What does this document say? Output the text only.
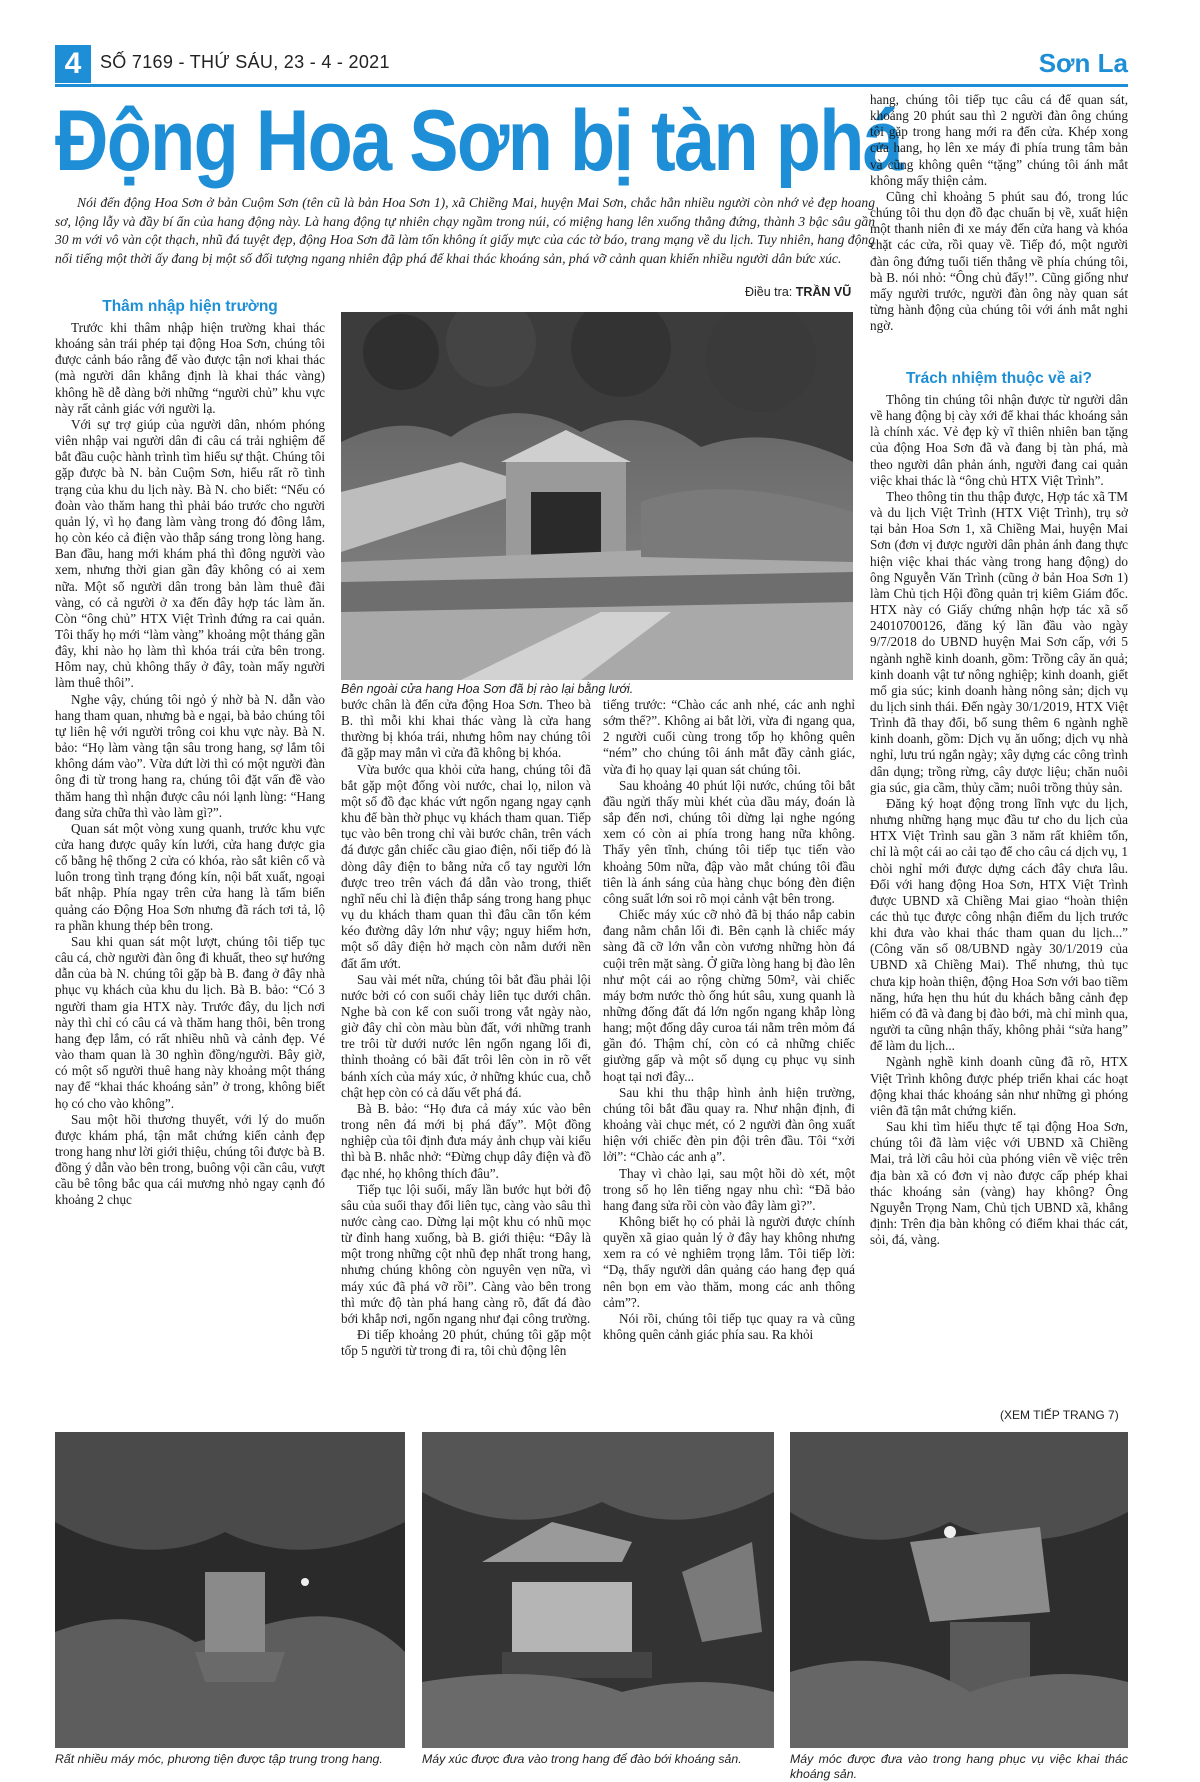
4	SỐ 7169 - THỨ SÁU, 23 - 4 - 2021	Sơn La
Động Hoa Sơn bị tàn phá
Nói đến động Hoa Sơn ở bản Cuộm Sơn (tên cũ là bản Hoa Sơn 1), xã Chiềng Mai, huyện Mai Sơn, chắc hẳn nhiều người còn nhớ vẻ đẹp hoang sơ, lộng lẫy và đầy bí ẩn của hang động này. Là hang động tự nhiên chạy ngầm trong núi, có miệng hang lên xuống thẳng đứng, thành 3 bậc sâu gần 30 m với vô vàn cột thạch, nhũ đá tuyệt đẹp, động Hoa Sơn đã làm tốn không ít giấy mực của các tờ báo, trang mạng về du lịch. Tuy nhiên, hang động nổi tiếng một thời ấy đang bị một số đối tượng ngang nhiên đập phá để khai thác khoáng sản, phá vỡ cảnh quan khiến nhiều người dân bức xúc.
Điều tra: TRẦN VŨ
Thâm nhập hiện trường
Trách nhiệm thuộc về ai?

Trước khi thâm nhập hiện trường khai thác khoáng sản trái phép tại động Hoa Sơn, chúng tôi được cảnh báo rằng để vào được tận nơi khai thác (mà người dân khẳng định là khai thác vàng) không hề dễ dàng bởi những “người chủ” khu vực này rất cảnh giác với người lạ.

Với sự trợ giúp của người dân, nhóm phóng viên nhập vai người dân đi câu cá trải nghiệm để bắt đầu cuộc hành trình tìm hiểu sự thật. Chúng tôi gặp được bà N. bản Cuộm Sơn, hiểu rất rõ tình trạng của khu du lịch này. Bà N. cho biết: “Nếu có đoàn vào thăm hang thì phải báo trước cho người quản lý, vì họ đang làm vàng trong đó đông lắm, họ còn kéo cả điện vào thắp sáng trong lòng hang. Ban đầu, hang mới khám phá thì đông người vào xem, nhưng thời gian gần đây không có ai xem nữa. Một số người dân trong bản làm thuê đãi vàng, có cả người ở xa đến đây hợp tác làm ăn. Còn “ông chủ” HTX Việt Trình đứng ra cai quản. Tôi thấy họ mới “làm vàng” khoảng một tháng gần đây, khi nào họ làm thì khóa trái cửa bên trong. Hôm nay, chủ không thấy ở đây, toàn mấy người làm thuê thôi”.

Nghe vậy, chúng tôi ngỏ ý nhờ bà N. dẫn vào hang tham quan, nhưng bà e ngại, bà bảo chúng tôi tự liên hệ với người trông coi khu vực này. Bà N. bảo: “Họ làm vàng tận sâu trong hang, sợ lắm tôi không dám vào”. Vừa dứt lời thì có một người đàn ông đi từ trong hang ra, chúng tôi đặt vấn đề vào thăm hang thì nhận được câu nói lạnh lùng: “Hang đang sửa chữa thì vào làm gì?”.

Quan sát một vòng xung quanh, trước khu vực cửa hang được quây kín lưới, cửa hang được gia cố bằng hệ thống 2 cửa có khóa, rào sắt kiên cố và luôn trong tình trạng đóng kín, nội bất xuất, ngoại bất nhập. Phía ngay trên cửa hang là tấm biển quảng cáo Động Hoa Sơn nhưng đã rách tơi tả, lộ ra phần khung thép bên trong.

Sau khi quan sát một lượt, chúng tôi tiếp tục câu cá, chờ người đàn ông đi khuất, theo sự hướng dẫn của bà N. chúng tôi gặp bà B. đang ở đây nhà phục vụ khách của khu du lịch. Bà B. bảo: “Có 3 người tham gia HTX này. Trước đây, du lịch nơi này thì chỉ có câu cá và thăm hang thôi, bên trong hang đẹp lắm, có rất nhiều nhũ và cảnh đẹp. Vé vào tham quan là 30 nghìn đồng/người. Bây giờ, có một số người thuê hang này khoảng một tháng nay để “khai thác khoáng sản” ở trong, không biết họ có cho vào không”.

Sau một hồi thương thuyết, với lý do muốn được khám phá, tận mắt chứng kiến cảnh đẹp trong hang như lời giới thiệu, chúng tôi được bà B. đồng ý dẫn vào bên trong, buông vội cần câu, vượt cầu bê tông bắc qua cái mương nhỏ ngay cạnh đó khoảng 2 chục

Bên ngoài cửa hang Hoa Sơn đã bị rào lại bằng lưới.

bước chân là đến cửa động Hoa Sơn. Theo bà B. thì mỗi khi khai thác vàng là cửa hang thường bị khóa trái, nhưng hôm nay chúng tôi đã gặp may mắn vì cửa đã không bị khóa.

Vừa bước qua khỏi cửa hang, chúng tôi đã bắt gặp một đống vòi nước, chai lọ, nilon và một số đồ đạc khác vứt ngổn ngang ngay cạnh khu để bàn thờ phục vụ khách tham quan. Tiếp tục vào bên trong chỉ vài bước chân, trên vách đá được gắn chiếc cầu giao điện, nối tiếp đó là dòng dây điện to bằng nửa cổ tay người lớn được treo trên vách đá dẫn vào trong, thiết nghĩ nếu chỉ là điện thắp sáng trong hang phục vụ du khách tham quan thì đâu cần tốn kém kéo đường dây lớn như vậy; nguy hiểm hơn, một số dây điện hở mạch còn nằm dưới nền đất ẩm ướt.

Sau vài mét nữa, chúng tôi bắt đầu phải lội nước bởi có con suối chảy liên tục dưới chân. Nghe bà con kể con suối trong vắt ngày nào, giờ đây chỉ còn màu bùn đất, với những tranh tre trôi từ dưới nước lên ngổn ngang lối đi, thỉnh thoảng có bãi đất trôi lên còn in rõ vết bánh xích của máy xúc, ở những khúc cua, chỗ chật hẹp còn có cả dấu vết phá đá.

Bà B. bảo: “Họ đưa cả máy xúc vào bên trong nên đá mới bị phá đấy”. Một đồng nghiệp của tôi định đưa máy ảnh chụp vài kiểu thì bà B. nhắc nhở: “Đừng chụp dây điện và đồ đạc nhé, họ không thích đâu”.

Tiếp tục lội suối, mấy lần bước hụt bởi độ sâu của suối thay đổi liên tục, càng vào sâu thì nước càng cao. Dừng lại một khu có nhũ mọc từ đỉnh hang xuống, bà B. giới thiệu: “Đây là một trong những cột nhũ đẹp nhất trong hang, nhưng chúng không còn nguyên vẹn nữa, vì máy xúc đã phá vỡ rồi”. Càng vào bên trong thì mức độ tàn phá hang càng rõ, đất đá đào bới khắp nơi, ngổn ngang như đại công trường.

Đi tiếp khoảng 20 phút, chúng tôi gặp một tốp 5 người từ trong đi ra, tôi chủ động lên

tiếng trước: “Chào các anh nhé, các anh nghỉ sớm thế?”. Không ai bắt lời, vừa đi ngang qua, 2 người cuối cùng trong tốp họ không quên “ném” cho chúng tôi ánh mắt đầy cảnh giác, vừa đi họ quay lại quan sát chúng tôi.

Sau khoảng 40 phút lội nước, chúng tôi bắt đầu ngửi thấy mùi khét của dầu máy, đoán là sắp đến nơi, chúng tôi dừng lại nghe ngóng xem có còn ai phía trong hang nữa không. Thấy yên tĩnh, chúng tôi tiếp tục tiến vào khoảng 50m nữa, đập vào mắt chúng tôi đầu tiên là ánh sáng của hàng chục bóng đèn điện công suất lớn soi rõ mọi cảnh vật bên trong.

Chiếc máy xúc cỡ nhỏ đã bị tháo nắp cabin đang nằm chắn lối đi. Bên cạnh là chiếc máy sàng đã cỡ lớn vẫn còn vương những hòn đá cuội trên mặt sàng. Ở giữa lòng hang bị đào lên như một cái ao rộng chừng 50m², vài chiếc máy bơm nước thò ống hút sâu, xung quanh là những đống đất đá lớn ngổn ngang khắp lòng hang; một đống dây curoa tái nằm trên mỏm đá gần đó. Thậm chí, còn có cả những chiếc giường gấp và một số dụng cụ phục vụ sinh hoạt tại nơi đây...

Sau khi thu thập hình ảnh hiện trường, chúng tôi bắt đầu quay ra. Như nhận định, đi khoảng vài chục mét, có 2 người đàn ông xuất hiện với chiếc đèn pin đội trên đầu. Tôi “xởi lởi”: “Chào các anh ạ”.

Thay vì chào lại, sau một hồi dò xét, một trong số họ lên tiếng ngay nhu chì: “Đã bảo hang đang sửa rồi còn vào đây làm gì?”.

Không biết họ có phải là người được chính quyền xã giao quản lý ở đây hay không nhưng xem ra có vẻ nghiêm trọng lắm. Tôi tiếp lời: “Dạ, thấy người dân quảng cáo hang đẹp quá nên bọn em vào thăm, mong các anh thông cảm”?.

Nói rồi, chúng tôi tiếp tục quay ra và cũng không quên cảnh giác phía sau. Ra khỏi

hang, chúng tôi tiếp tục câu cá để quan sát, khoảng 20 phút sau thì 2 người đàn ông chúng tôi gặp trong hang mới ra đến cửa. Khép xong cửa hang, họ lên xe máy đi phía trung tâm bản và cũng không quên “tặng” chúng tôi ánh mắt không mấy thiện cảm.

Cũng chỉ khoảng 5 phút sau đó, trong lúc chúng tôi thu dọn đồ đạc chuẩn bị về, xuất hiện một thanh niên đi xe máy đến cửa hang và khóa chặt các cửa, rồi quay về. Tiếp đó, một người đàn ông đứng tuổi tiến thẳng về phía chúng tôi, bà B. nói nhỏ: “Ông chủ đấy!”. Cũng giống như mấy người trước, người đàn ông này quan sát từng hành động của chúng tôi với ánh mắt nghi ngờ.

Thông tin chúng tôi nhận được từ người dân về hang động bị cày xới để khai thác khoáng sản là chính xác. Vẻ đẹp kỳ vĩ thiên nhiên ban tặng của động Hoa Sơn đã và đang bị tàn phá, mà theo người dân phản ánh, người đang cai quản việc khai thác là “ông chủ HTX Việt Trình”.

Theo thông tin thu thập được, Hợp tác xã TM và du lịch Việt Trình (HTX Việt Trình), trụ sở tại bản Hoa Sơn 1, xã Chiềng Mai, huyện Mai Sơn (đơn vị được người dân phản ánh đang thực hiện việc khai thác vàng trong hang động) do ông Nguyễn Văn Trình (cũng ở bản Hoa Sơn 1) làm Chủ tịch Hội đồng quản trị kiêm Giám đốc. HTX này có Giấy chứng nhận hợp tác xã số 24010700126, đăng ký lần đầu vào ngày 9/7/2018 do UBND huyện Mai Sơn cấp, với 5 ngành nghề kinh doanh, gồm: Trồng cây ăn quả; kinh doanh vật tư nông nghiệp; kinh doanh, giết mổ gia súc; kinh doanh hàng nông sản; dịch vụ du lịch sinh thái. Đến ngày 30/1/2019, HTX Việt Trình đã thay đổi, bổ sung thêm 6 ngành nghề kinh doanh, gồm: Dịch vụ ăn uống; dịch vụ nhà nghỉ, lưu trú ngắn ngày; xây dựng các công trình dân dụng; trồng rừng, cây dược liệu; chăn nuôi gia súc, gia cầm, thủy cầm; nuôi trồng thủy sản.

Đăng ký hoạt động trong lĩnh vực du lịch, nhưng những hạng mục đầu tư cho du lịch của HTX Việt Trình sau gần 3 năm rất khiêm tốn, chỉ là một cái ao cải tạo để cho câu cá dịch vụ, 1 chòi nghỉ mới được dựng cách đây chưa lâu. Đối với hang động Hoa Sơn, HTX Việt Trình được UBND xã Chiềng Mai giao “hoàn thiện các thủ tục được công nhận điểm du lịch trước khi đưa vào khai thác tham quan du lịch...” (Công văn số 08/UBND ngày 30/1/2019 của UBND xã Chiềng Mai). Thế nhưng, thủ tục chưa kịp hoàn thiện, động Hoa Sơn với bao tiềm năng, hứa hẹn thu hút du khách bằng cảnh đẹp hiếm có đã và đang bị đào bới, mà chỉ mình qua, người ta cũng nhận thấy, không phải “sửa hang” để làm du lịch...

Ngành nghề kinh doanh cũng đã rõ, HTX Việt Trình không được phép triển khai các hoạt động khai thác khoáng sản như những gì phóng viên đã tận mắt chứng kiến.

Sau khi tìm hiểu thực tế tại động Hoa Sơn, chúng tôi đã làm việc với UBND xã Chiềng Mai, trả lời câu hỏi của phóng viên về việc trên địa bàn xã có đơn vị nào được cấp phép khai thác khoáng sản (vàng) hay không? Ông Nguyễn Trọng Nam, Chủ tịch UBND xã, khẳng định: Trên địa bàn không có điểm khai thác cát, sỏi, đá, vàng.

(XEM TIẾP TRANG 7)
Rất nhiều máy móc, phương tiện được tập trung trong hang.	Máy xúc được đưa vào trong hang để đào bới khoáng sản.	Máy móc được đưa vào trong hang phục vụ việc khai thác khoáng sản.
